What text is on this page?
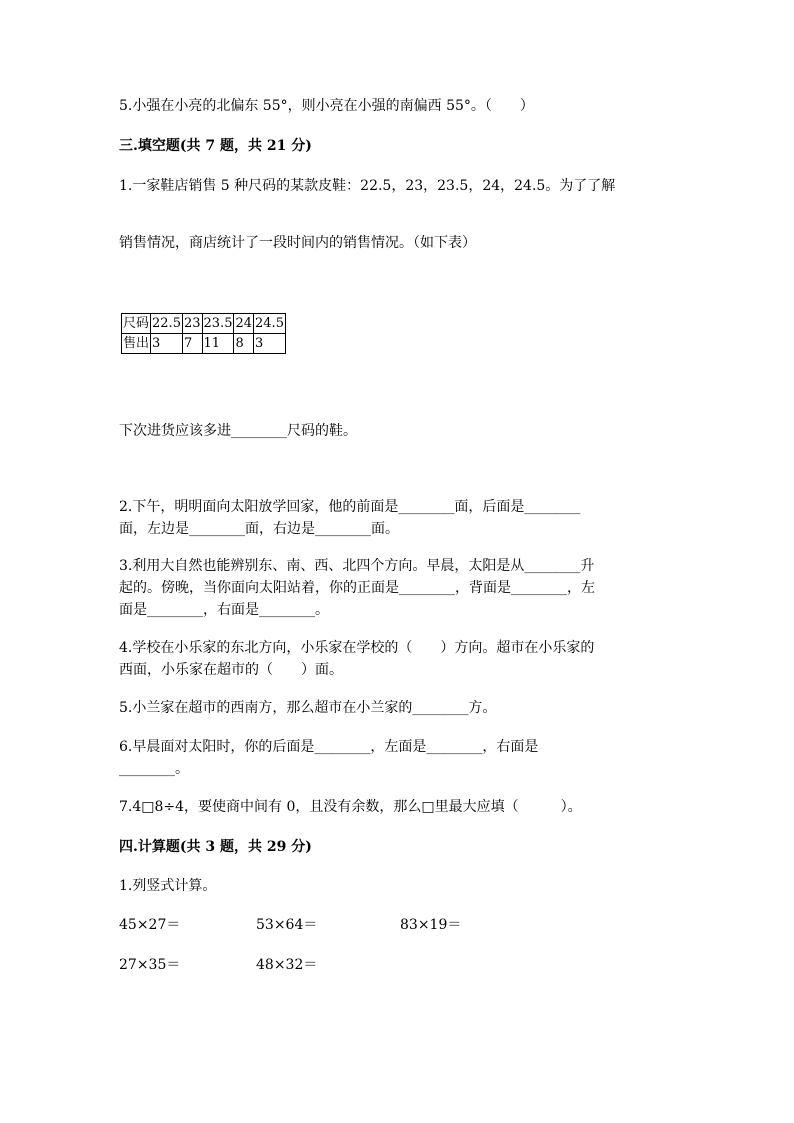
5.小强在小亮的北偏东 55°，则小亮在小强的南偏西 55°。（　　）
三.填空题(共 7 题，共 21 分)
1.一家鞋店销售 5 种尺码的某款皮鞋：22.5，23，23.5，24，24.5。为了了解
销售情况，商店统计了一段时间内的销售情况。（如下表）
尺码	22.5	23	23.5	24	24.5
售出	3	7	11	8	3
下次进货应该多进________尺码的鞋。
2.下午，明明面向太阳放学回家，他的前面是________面，后面是________
面，左边是________面，右边是________面。
3.利用大自然也能辨别东、南、西、北四个方向。早晨，太阳是从________升
起的。傍晚，当你面向太阳站着，你的正面是________，背面是________，左
面是________，右面是________。
4.学校在小乐家的东北方向，小乐家在学校的（　　）方向。超市在小乐家的
西面，小乐家在超市的（　　）面。
5.小兰家在超市的西南方，那么超市在小兰家的________方。
6.早晨面对太阳时，你的后面是________，左面是________，右面是
________。
7.4□8÷4，要使商中间有 0，且没有余数，那么□里最大应填（　　　）。
四.计算题(共 3 题，共 29 分)
1.列竖式计算。
45×27＝	53×64＝	83×19＝
27×35＝	48×32＝
